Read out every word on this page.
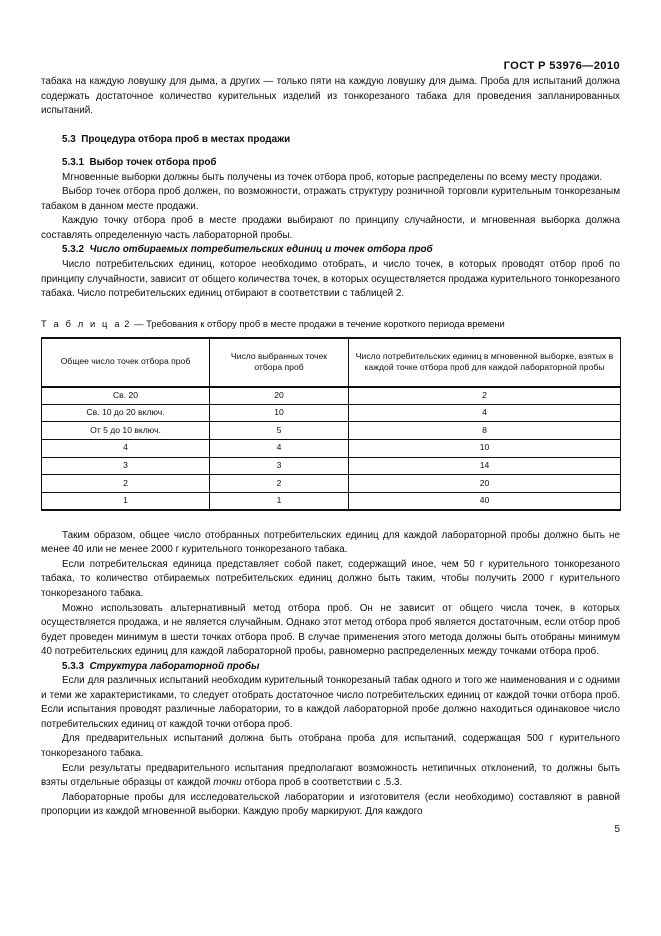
ГОСТ Р 53976—2010

табака на каждую ловушку для дыма, а других — только пяти на каждую ловушку для дыма. Проба для испытаний должна содержать достаточное количество курительных изделий из тонкорезаного табака для проведения запланированных испытаний.

5.3 Процедура отбора проб в местах продажи

5.3.1 Выбор точек отбора проб

Мгновенные выборки должны быть получены из точек отбора проб, которые распределены по всему месту продажи.

Выбор точек отбора проб должен, по возможности, отражать структуру розничной торговли курительным тонкорезаным табаком в данном месте продажи.

Каждую точку отбора проб в месте продажи выбирают по принципу случайности, и мгновенная выборка должна составлять определенную часть лабораторной пробы.

5.3.2 Число отбираемых потребительских единиц и точек отбора проб

Число потребительских единиц, которое необходимо отобрать, и число точек, в которых проводят отбор проб по принципу случайности, зависит от общего количества точек, в которых осуществляется продажа курительного тонкорезаного табака. Число потребительских единиц отбирают в соответствии с таблицей 2.

Т а б л и ц а 2 — Требования к отбору проб в месте продажи в течение короткого периода времени

Общее число точек отбора проб	Число выбранных точек отбора проб	Число потребительских единиц в мгновенной выборке, взятых в каждой точке отбора проб для каждой лабораторной пробы
Св. 20	20	2
Св. 10 до 20 включ.	10	4
От 5 до 10 включ.	5	8
4	4	10
3	3	14
2	2	20
1	1	40

Таким образом, общее число отобранных потребительских единиц для каждой лабораторной пробы должно быть не менее 40 или не менее 2000 г курительного тонкорезаного табака.

Если потребительская единица представляет собой пакет, содержащий иное, чем 50 г курительного тонкорезаного табака, то количество отбираемых потребительских единиц должно быть таким, чтобы получить 2000 г курительного тонкорезаного табака.

Можно использовать альтернативный метод отбора проб. Он не зависит от общего числа точек, в которых осуществляется продажа, и не является случайным. Однако этот метод отбора проб является достаточным, если отбор проб будет проведен минимум в шести точках отбора проб. В случае применения этого метода должны быть отобраны минимум 40 потребительских единиц для каждой лабораторной пробы, равномерно распределенных между точками отбора проб.

5.3.3 Структура лабораторной пробы

Если для различных испытаний необходим курительный тонкорезаный табак одного и того же наименования и с одними и теми же характеристиками, то следует отобрать достаточное число потребительских единиц от каждой точки отбора проб. Если испытания проводят различные лаборатории, то в каждой лабораторной пробе должно находиться одинаковое число потребительских единиц от каждой точки отбора проб.

Для предварительных испытаний должна быть отобрана проба для испытаний, содержащая 500 г курительного тонкорезаного табака.

Если результаты предварительного испытания предполагают возможность нетипичных отклонений, то должны быть взяты отдельные образцы от каждой точки отбора проб в соответствии с .5.3.

Лабораторные пробы для исследовательской лаборатории и изготовителя (если необходимо) составляют в равной пропорции из каждой мгновенной выборки. Каждую пробу маркируют. Для каждого

5
